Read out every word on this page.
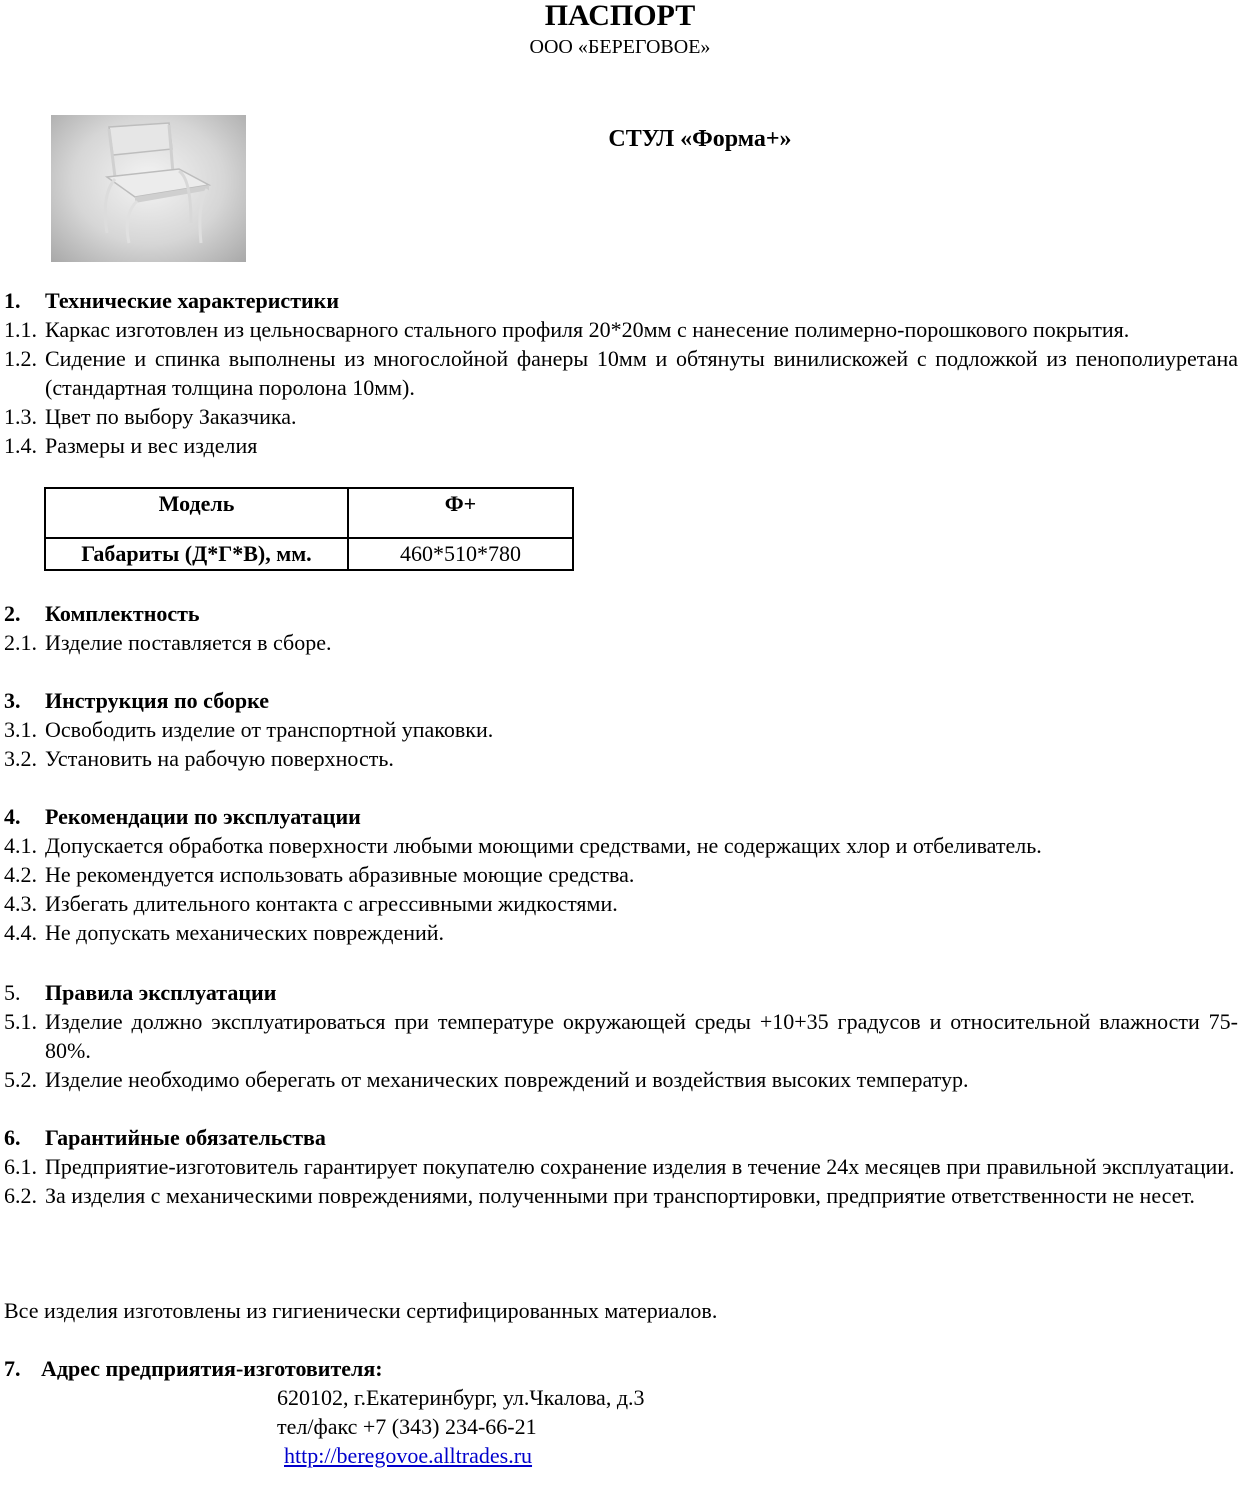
ПАСПОРТ
ООО «БЕРЕГОВОЕ»
СТУЛ «Форма+»
1. Технические характеристики
1.1. Каркас изготовлен из цельносварного стального профиля 20*20мм с нанесение полимерно-порошкового покрытия.
1.2. Сидение и спинка выполнены из многослойной фанеры 10мм и обтянуты винилискожей с подложкой из пенополиуретана (стандартная толщина поролона 10мм).
1.3. Цвет по выбору Заказчика.
1.4. Размеры и вес изделия
Модель	Ф+
Габариты (Д*Г*В), мм.	460*510*780
2. Комплектность
2.1. Изделие поставляется в сборе.
3. Инструкция по сборке
3.1. Освободить изделие от транспортной упаковки.
3.2. Установить на рабочую поверхность.
4. Рекомендации по эксплуатации
4.1. Допускается обработка поверхности любыми моющими средствами, не содержащих хлор и отбеливатель.
4.2. Не рекомендуется использовать абразивные моющие средства.
4.3. Избегать длительного контакта с агрессивными жидкостями.
4.4. Не допускать механических повреждений.
5. Правила эксплуатации
5.1. Изделие должно эксплуатироваться при температуре окружающей среды +10+35 градусов и относительной влажности 75-80%.
5.2. Изделие необходимо оберегать от механических повреждений и воздействия высоких температур.
6. Гарантийные обязательства
6.1. Предприятие-изготовитель гарантирует покупателю сохранение изделия в течение 24х месяцев при правильной эксплуатации.
6.2. За изделия с механическими повреждениями, полученными при транспортировки, предприятие ответственности не несет.
Все изделия изготовлены из гигиенически сертифицированных материалов.
7. Адрес предприятия-изготовителя:
620102, г.Екатеринбург, ул.Чкалова, д.3
тел/факс +7 (343) 234-66-21
http://beregovoe.alltrades.ru
